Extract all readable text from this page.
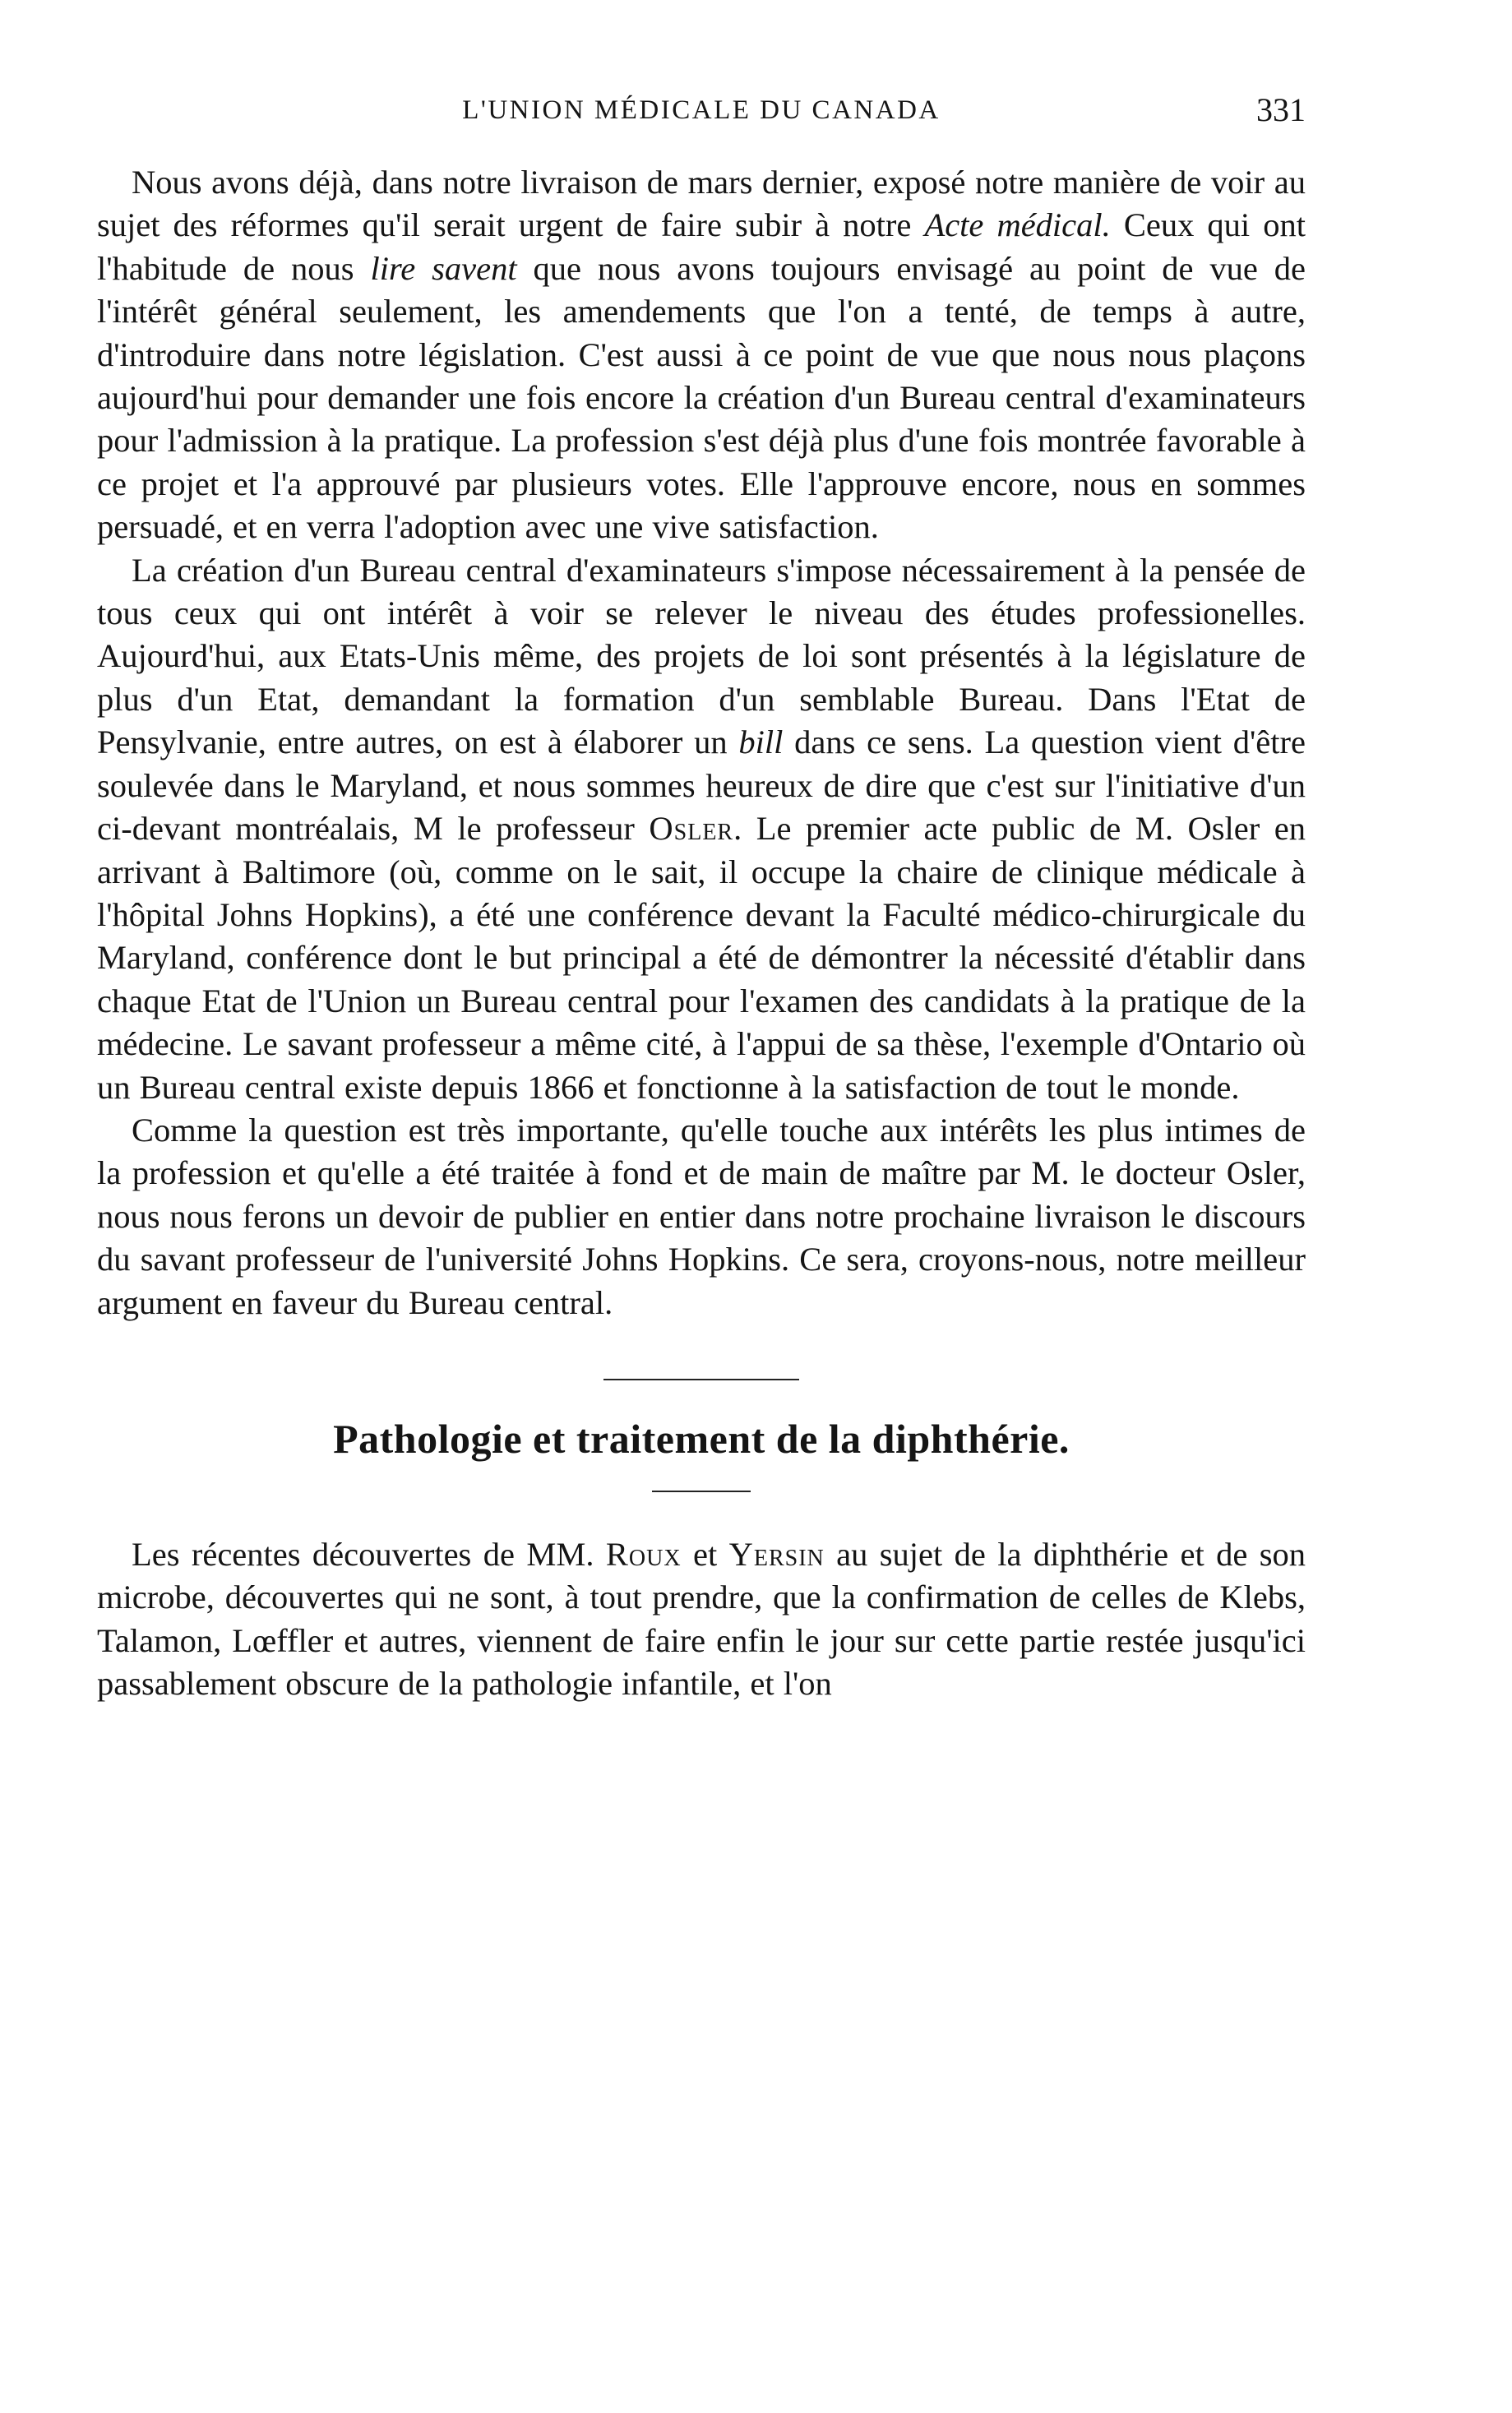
L'UNION MÉDICALE DU CANADA	331

Nous avons déjà, dans notre livraison de mars dernier, exposé notre manière de voir au sujet des réformes qu'il serait urgent de faire subir à notre Acte médical. Ceux qui ont l'habitude de nous lire savent que nous avons toujours envisagé au point de vue de l'intérêt général seulement, les amendements que l'on a tenté, de temps à autre, d'introduire dans notre législation. C'est aussi à ce point de vue que nous nous plaçons aujourd'hui pour demander une fois encore la création d'un Bureau central d'examinateurs pour l'admission à la pratique. La profession s'est déjà plus d'une fois montrée favorable à ce projet et l'a approuvé par plusieurs votes. Elle l'approuve encore, nous en sommes persuadé, et en verra l'adoption avec une vive satisfaction.

La création d'un Bureau central d'examinateurs s'impose nécessairement à la pensée de tous ceux qui ont intérêt à voir se relever le niveau des études professionelles. Aujourd'hui, aux Etats-Unis même, des projets de loi sont présentés à la législature de plus d'un Etat, demandant la formation d'un semblable Bureau. Dans l'Etat de Pensylvanie, entre autres, on est à élaborer un bill dans ce sens. La question vient d'être soulevée dans le Maryland, et nous sommes heureux de dire que c'est sur l'initiative d'un ci-devant montréalais, M le professeur Osler. Le premier acte public de M. Osler en arrivant à Baltimore (où, comme on le sait, il occupe la chaire de clinique médicale à l'hôpital Johns Hopkins), a été une conférence devant la Faculté médico-chirurgicale du Maryland, conférence dont le but principal a été de démontrer la nécessité d'établir dans chaque Etat de l'Union un Bureau central pour l'examen des candidats à la pratique de la médecine. Le savant professeur a même cité, à l'appui de sa thèse, l'exemple d'Ontario où un Bureau central existe depuis 1866 et fonctionne à la satisfaction de tout le monde.

Comme la question est très importante, qu'elle touche aux intérêts les plus intimes de la profession et qu'elle a été traitée à fond et de main de maître par M. le docteur Osler, nous nous ferons un devoir de publier en entier dans notre prochaine livraison le discours du savant professeur de l'université Johns Hopkins. Ce sera, croyons-nous, notre meilleur argument en faveur du Bureau central.

Pathologie et traitement de la diphthérie.

Les récentes découvertes de MM. Roux et Yersin au sujet de la diphthérie et de son microbe, découvertes qui ne sont, à tout prendre, que la confirmation de celles de Klebs, Talamon, Lœffler et autres, viennent de faire enfin le jour sur cette partie restée jusqu'ici passablement obscure de la pathologie infantile, et l'on
